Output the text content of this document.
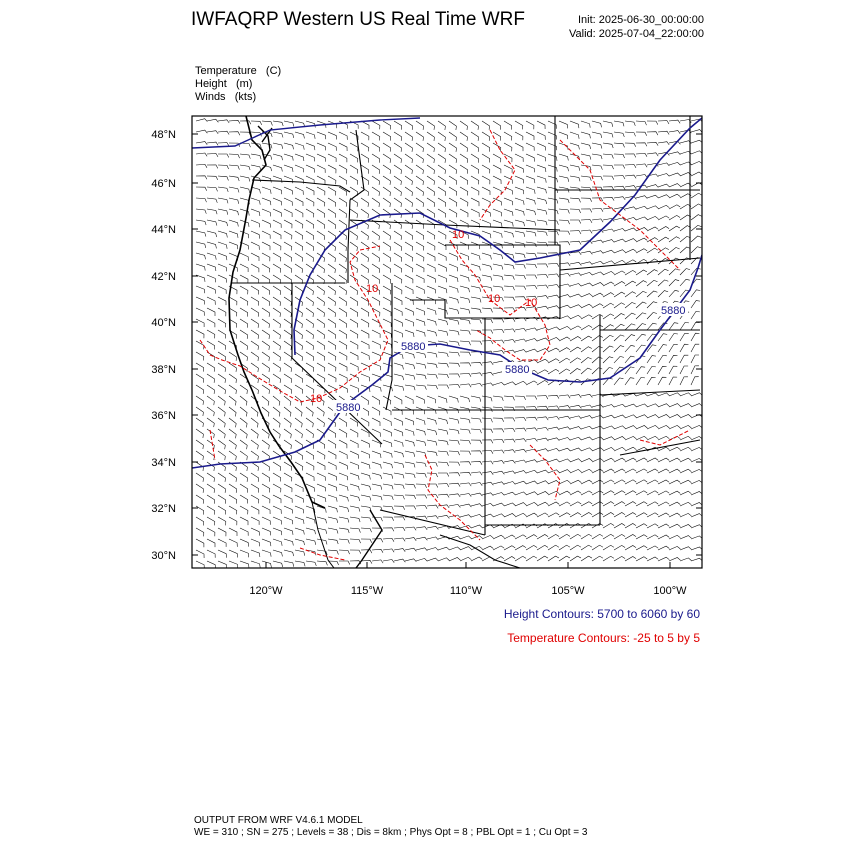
IWFAQRP Western US Real Time WRF	Init: 2025-06-30_00:00:00
Valid: 2025-07-04_22:00:00
Temperature   (C)
Height   (m)
Winds   (kts)
5880
5880
5880
5880
10
10
10 10
10
48°N
46°N
44°N
42°N
40°N
38°N
36°N
34°N
32°N
30°N
120°W	115°W	110°W	105°W	100°W
Height Contours: 5700 to 6060 by 60
Temperature Contours: -25 to 5 by 5
OUTPUT FROM WRF V4.6.1 MODEL
WE = 310 ; SN = 275 ; Levels = 38 ; Dis = 8km ; Phys Opt = 8 ; PBL Opt = 1 ; Cu Opt = 3
